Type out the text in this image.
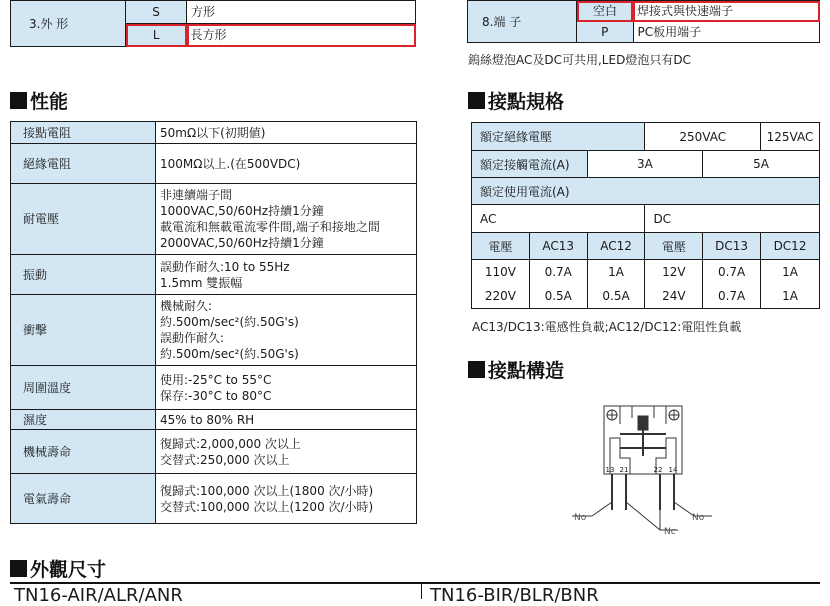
3.外 形	S	方形
	L	長方形
8.端 子	空白	焊接式與快速端子
	P	PC板用端子
鎢絲燈泡AC及DC可共用,LED燈泡只有DC
性能
接點電阻	50mΩ以下(初期値)
絕緣電阻	100MΩ以上.(在500VDC)
耐電壓	非連續端子間
1000VAC,50/60Hz持續1分鐘
載電流和無載電流零件間,端子和接地之間
2000VAC,50/60Hz持續1分鐘
振動	誤動作耐久:10 to 55Hz
1.5mm 雙振幅
衝擊	機械耐久:
約.500m/sec²(約.50G's)
誤動作耐久:
約.500m/sec²(約.50G's)
周圍溫度	使用:-25°C to 55°C
保存:-30°C to 80°C
濕度	45% to 80% RH
機械壽命	復歸式:2,000,000 次以上
交替式:250,000 次以上
電氣壽命	復歸式:100,000 次以上(1800 次/小時)
交替式:100,000 次以上(1200 次/小時)
接點規格
額定絕緣電壓			250VAC		125VAC
額定接觸電流(A)		3A		5A	
額定使用電流(A)					
AC			DC		
電壓	AC13	AC12	電壓	DC13	DC12
110V	0.7A	1A	12V	0.7A	1A
220V	0.5A	0.5A	24V	0.7A	1A
AC13/DC13:電感性負載;AC12/DC12:電阻性負載
接點構造
13 21	22 14
No	No
Nc
外觀尺寸
TN16-AIR/ALR/ANR	TN16-BIR/BLR/BNR
